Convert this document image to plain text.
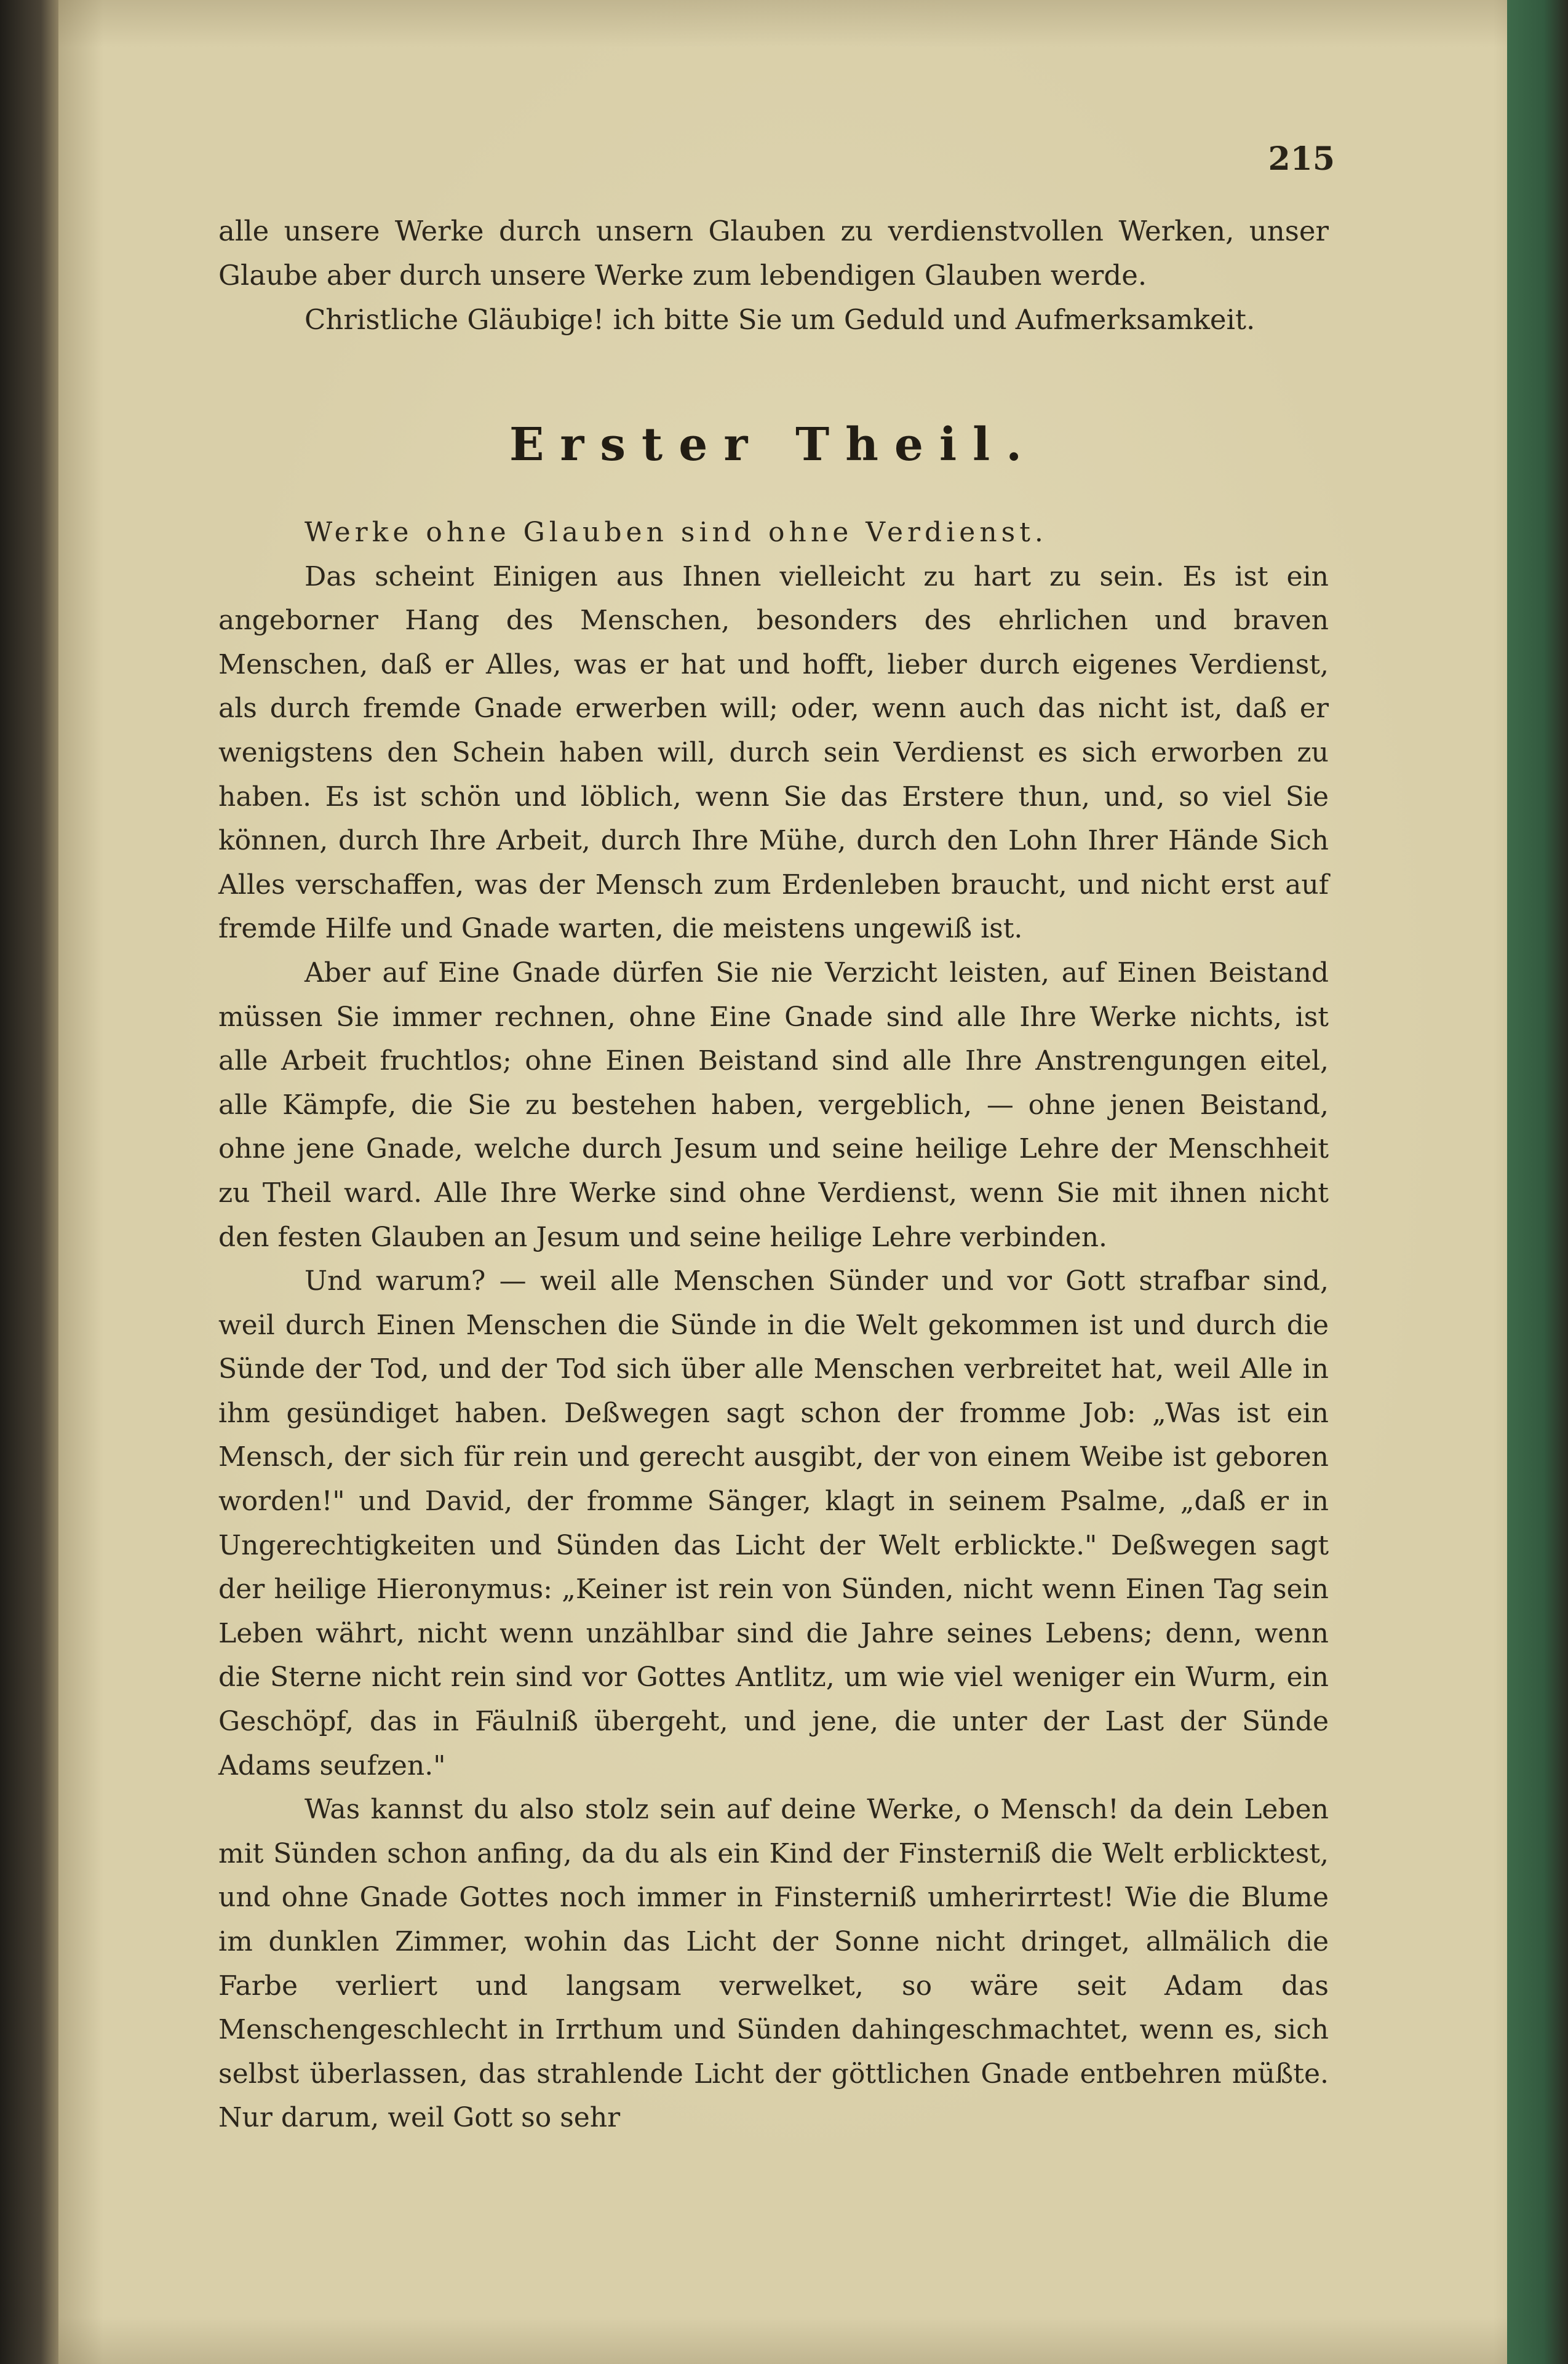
215

alle unsere Werke durch unsern Glauben zu verdienstvollen Werken, unser Glaube aber durch unsere Werke zum lebendigen Glauben werde.

Christliche Gläubige! ich bitte Sie um Geduld und Aufmerksamkeit.

Erster Theil.

Werke ohne Glauben sind ohne Verdienst.

Das scheint Einigen aus Ihnen vielleicht zu hart zu sein. Es ist ein angeborner Hang des Menschen, besonders des ehrlichen und braven Menschen, daß er Alles, was er hat und hofft, lieber durch eigenes Verdienst, als durch fremde Gnade erwerben will; oder, wenn auch das nicht ist, daß er wenigstens den Schein haben will, durch sein Verdienst es sich erworben zu haben. Es ist schön und löblich, wenn Sie das Erstere thun, und, so viel Sie können, durch Ihre Arbeit, durch Ihre Mühe, durch den Lohn Ihrer Hände Sich Alles verschaffen, was der Mensch zum Erdenleben braucht, und nicht erst auf fremde Hilfe und Gnade warten, die meistens ungewiß ist.

Aber auf Eine Gnade dürfen Sie nie Verzicht leisten, auf Einen Beistand müssen Sie immer rechnen, ohne Eine Gnade sind alle Ihre Werke nichts, ist alle Arbeit fruchtlos; ohne Einen Beistand sind alle Ihre Anstrengungen eitel, alle Kämpfe, die Sie zu bestehen haben, vergeblich, — ohne jenen Beistand, ohne jene Gnade, welche durch Jesum und seine heilige Lehre der Menschheit zu Theil ward. Alle Ihre Werke sind ohne Verdienst, wenn Sie mit ihnen nicht den festen Glauben an Jesum und seine heilige Lehre verbinden.

Und warum? — weil alle Menschen Sünder und vor Gott strafbar sind, weil durch Einen Menschen die Sünde in die Welt gekommen ist und durch die Sünde der Tod, und der Tod sich über alle Menschen verbreitet hat, weil Alle in ihm gesündiget haben. Deßwegen sagt schon der fromme Job: „Was ist ein Mensch, der sich für rein und gerecht ausgibt, der von einem Weibe ist geboren worden!" und David, der fromme Sänger, klagt in seinem Psalme, „daß er in Ungerechtigkeiten und Sünden das Licht der Welt erblickte." Deßwegen sagt der heilige Hieronymus: „Keiner ist rein von Sünden, nicht wenn Einen Tag sein Leben währt, nicht wenn unzählbar sind die Jahre seines Lebens; denn, wenn die Sterne nicht rein sind vor Gottes Antlitz, um wie viel weniger ein Wurm, ein Geschöpf, das in Fäulniß übergeht, und jene, die unter der Last der Sünde Adams seufzen."

Was kannst du also stolz sein auf deine Werke, o Mensch! da dein Leben mit Sünden schon anfing, da du als ein Kind der Finsterniß die Welt erblicktest, und ohne Gnade Gottes noch immer in Finsterniß umherirrtest! Wie die Blume im dunklen Zimmer, wohin das Licht der Sonne nicht dringet, allmälich die Farbe verliert und langsam verwelket, so wäre seit Adam das Menschengeschlecht in Irrthum und Sünden dahingeschmachtet, wenn es, sich selbst überlassen, das strahlende Licht der göttlichen Gnade entbehren müßte. Nur darum, weil Gott so sehr
